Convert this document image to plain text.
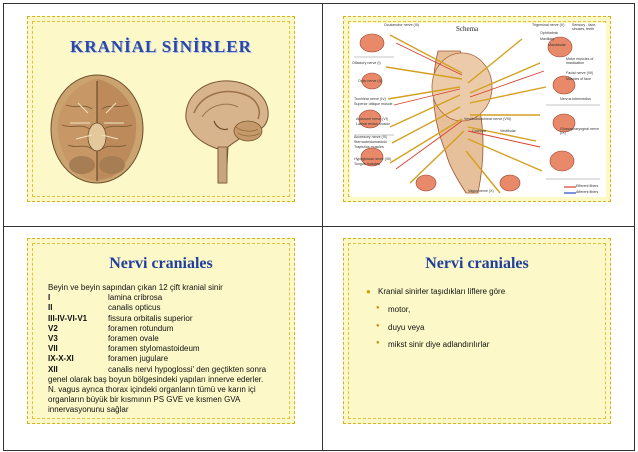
KRANİAL SİNİRLER
Schema
Oculomotor nerve (III)	Trigeminal nerve (V)	Sensory - face, sinuses, teeth
Ophthalmic
Maxillary
Mandibular
Olfactory nerve (I)
Optic nerve (II)
Motor muscles of mastication
Facial nerve (VII)
Muscles of face
Trochlear nerve (IV)
Superior oblique muscle
Nervus intermedius
Abducent nerve (VI)
Lateral rectus muscle
Vestibulocochlear nerve (VIII)
Cochlear	Vestibular	Glossopharyngeal nerve (IX)
Accessory nerve (XI)
Sternocleidomastoid
Trapezius muscles
Hypoglossal nerve (XII)
Tongue muscles
Vagus nerve (X)
Efferent fibers
Afferent fibers
Nervi craniales
Beyin ve beyin sapından çıkan 12 çift kranial sinir
I	lamina cribrosa
II	canalis opticus
III-IV-VI-V1	fissura orbitalis superior
V2	foramen rotundum
V3	foramen ovale
VII	foramen stylomastoideum
IX-X-XI	foramen jugulare
XII	canalis nervi hypoglossi' den geçtikten sonra

genel olarak baş boyun bölgesindeki yapıları innerve ederler.

N. vagus ayrıca thorax içindeki organların tümü ve karın içi organların büyük bir kısmının PS GVE ve kısmen GVA innervasyonunu sağlar

Nervi craniales
● Kranial sinirler taşıdıkları liflere göre
●	motor,
●	duyu veya
●	mikst sinir diye adlandırılırlar
